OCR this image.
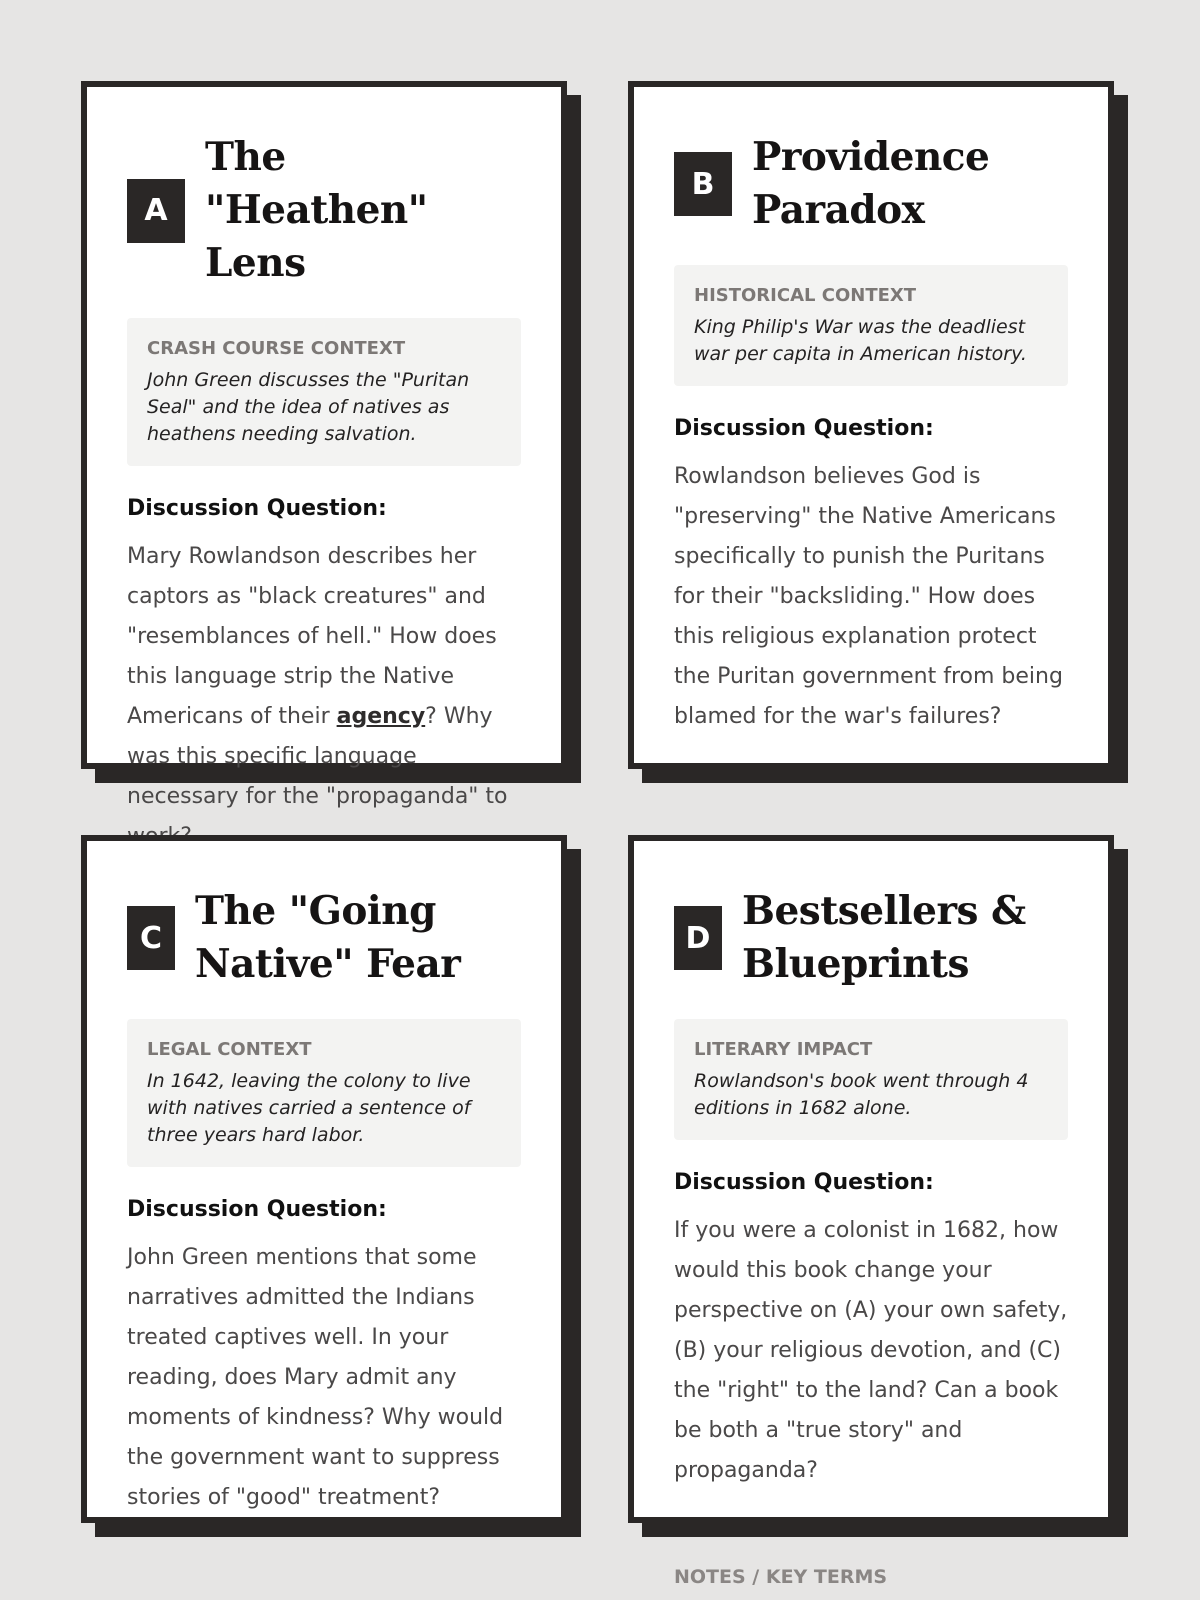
A
The "Heathen" Lens

CRASH COURSE CONTEXT

John Green discusses the "Puritan Seal" and the idea of natives as heathens needing salvation.

Discussion Question:

Mary Rowlandson describes her captors as "black creatures" and "resemblances of hell." How does this language strip the Native Americans of their agency? Why was this specific language necessary for the "propaganda" to

B
Providence Paradox

HISTORICAL CONTEXT

King Philip's War was the deadliest war per capita in American history.

Discussion Question:

Rowlandson believes God is "preserving" the Native Americans specifically to punish the Puritans for their "backsliding." How does this religious explanation protect the Puritan government from being blamed for the war's failures?

C
The "Going Native" Fear

LEGAL CONTEXT

In 1642, leaving the colony to live with natives carried a sentence of three years hard labor.

Discussion Question:

John Green mentions that some narratives admitted the Indians treated captives well. In your reading, does Mary admit any moments of kindness? Why would the government want to suppress stories of "good" treatment?

D
Bestsellers & Blueprints

LITERARY IMPACT

Rowlandson's book went through 4 editions in 1682 alone.

Discussion Question:

If you were a colonist in 1682, how would this book change your perspective on (A) your own safety, (B) your religious devotion, and (C) the "right" to the land? Can a book be both a "true story" and propaganda?

NOTES / KEY TERMS
